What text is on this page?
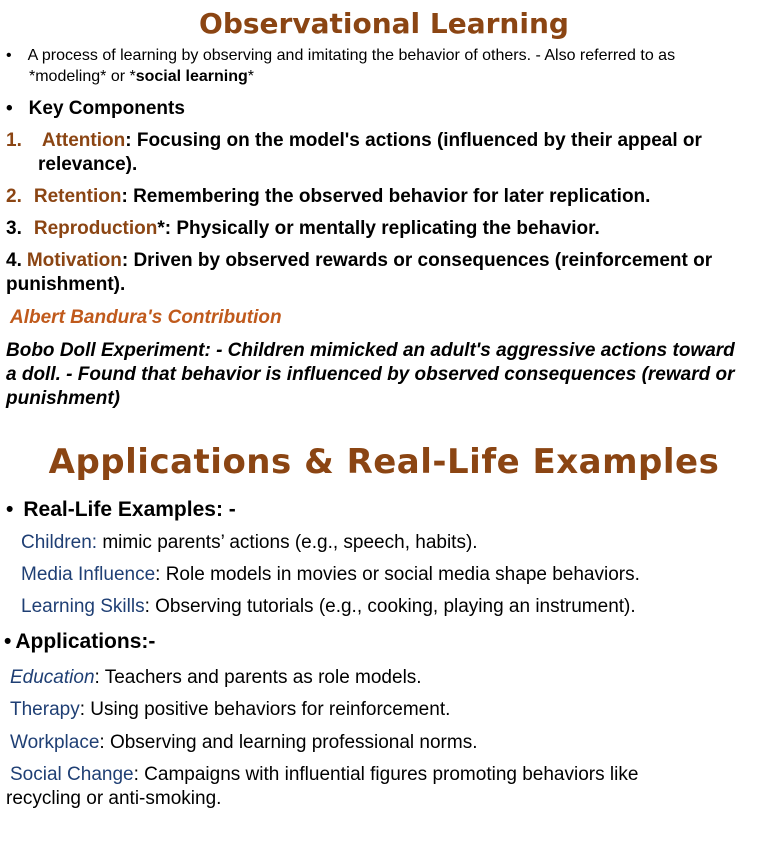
Observational Learning
• A process of learning by observing and imitating the behavior of others. - Also referred to as
*modeling* or *social learning*
• Key Components
1. Attention: Focusing on the model's actions (influenced by their appeal or
relevance).
2. Retention: Remembering the observed behavior for later replication.
3. Reproduction*: Physically or mentally replicating the behavior.
4. Motivation: Driven by observed rewards or consequences (reinforcement or
punishment).
Albert Bandura's Contribution
Bobo Doll Experiment: - Children mimicked an adult's aggressive actions toward
a doll. - Found that behavior is influenced by observed consequences (reward or
punishment)
Applications & Real-Life Examples
• Real-Life Examples: -
Children: mimic parents’ actions (e.g., speech, habits).
Media Influence: Role models in movies or social media shape behaviors.
Learning Skills: Observing tutorials (e.g., cooking, playing an instrument).
• Applications:-
Education: Teachers and parents as role models.
Therapy: Using positive behaviors for reinforcement.
Workplace: Observing and learning professional norms.
Social Change: Campaigns with influential figures promoting behaviors like
recycling or anti-smoking.
